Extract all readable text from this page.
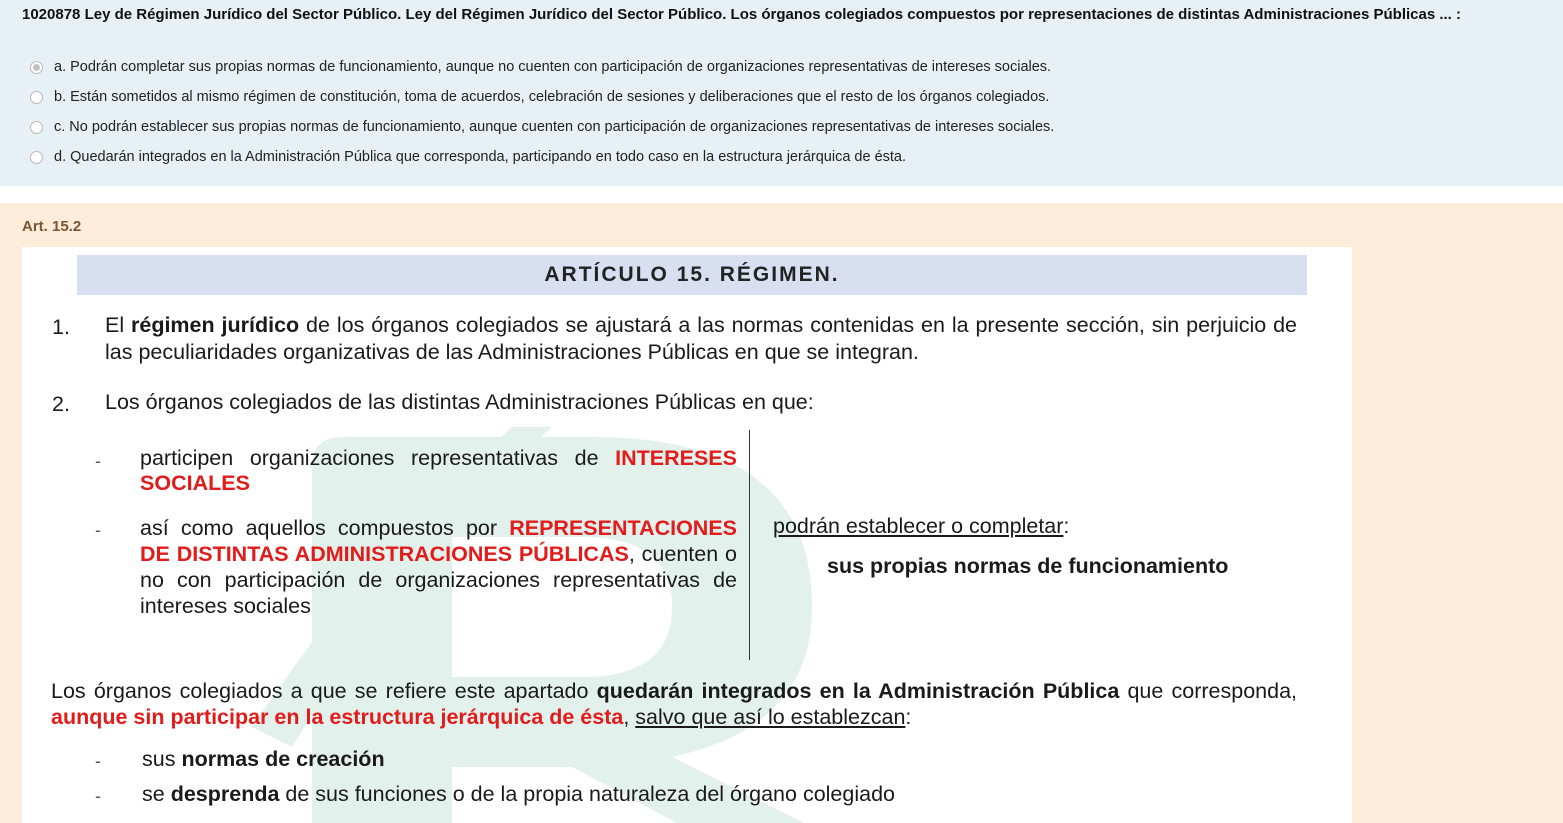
1020878 Ley de Régimen Jurídico del Sector Público. Ley del Régimen Jurídico del Sector Público. Los órganos colegiados compuestos por representaciones de distintas Administraciones Públicas ... :
a. Podrán completar sus propias normas de funcionamiento, aunque no cuenten con participación de organizaciones representativas de intereses sociales.
b. Están sometidos al mismo régimen de constitución, toma de acuerdos, celebración de sesiones y deliberaciones que el resto de los órganos colegiados.
c. No podrán establecer sus propias normas de funcionamiento, aunque cuenten con participación de organizaciones representativas de intereses sociales.
d. Quedarán integrados en la Administración Pública que corresponda, participando en todo caso en la estructura jerárquica de ésta.
Art. 15.2
ARTÍCULO 15. RÉGIMEN.
1. El régimen jurídico de los órganos colegiados se ajustará a las normas contenidas en la presente sección, sin perjuicio de las peculiaridades organizativas de las Administraciones Públicas en que se integran.
2. Los órganos colegiados de las distintas Administraciones Públicas en que:
- participen organizaciones representativas de INTERESES SOCIALES
- así como aquellos compuestos por REPRESENTACIONES DE DISTINTAS ADMINISTRACIONES PÚBLICAS, cuenten o no con participación de organizaciones representativas de intereses sociales
podrán establecer o completar:
sus propias normas de funcionamiento
Los órganos colegiados a que se refiere este apartado quedarán integrados en la Administración Pública que corresponda, aunque sin participar en la estructura jerárquica de ésta, salvo que así lo establezcan:
- sus normas de creación
- se desprenda de sus funciones o de la propia naturaleza del órgano colegiado
